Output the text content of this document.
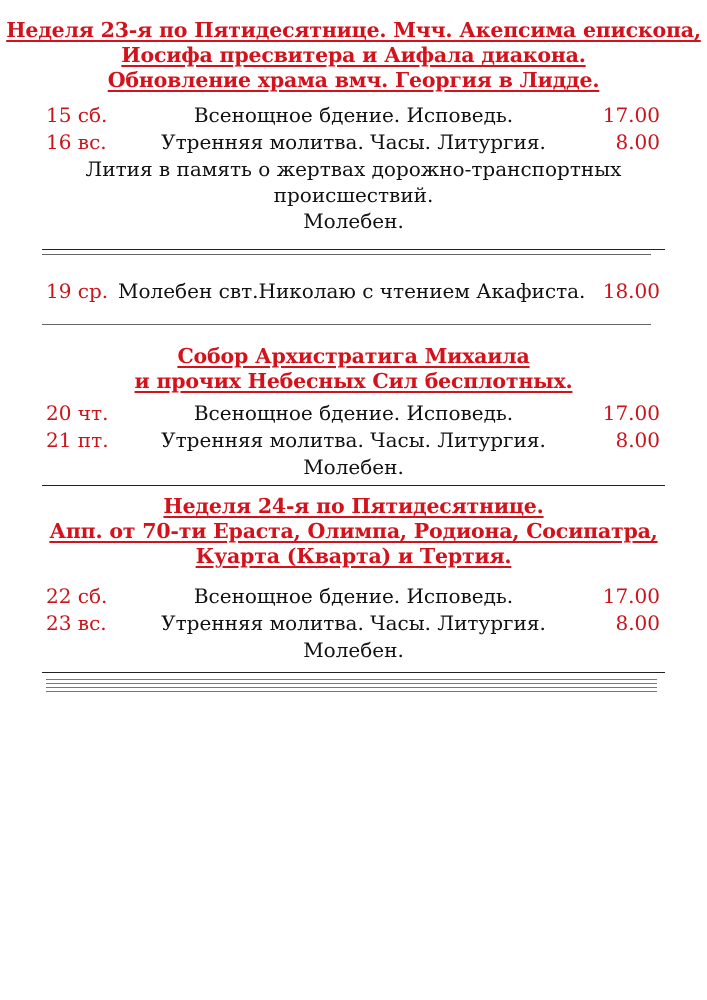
Неделя 23-я по Пятидесятнице. Мчч. Акепсима епископа,
Иосифа пресвитера и Аифала диакона.
Обновление храма вмч. Георгия в Лидде.
15 сб.	Всенощное бдение. Исповедь.	17.00
16 вс.	Утренняя молитва. Часы. Литургия.	8.00
Лития в память о жертвах дорожно-транспортных
происшествий.
Молебен.
19 ср. Молебен свт.Николаю с чтением Акафиста. 18.00
Собор Архистратига Михаила
и прочих Небесных Сил бесплотных.
20 чт.	Всенощное бдение. Исповедь.	17.00
21 пт.	Утренняя молитва. Часы. Литургия.	8.00
Молебен.
Неделя 24-я по Пятидесятнице.
Апп. от 70-ти Ераста, Олимпа, Родиона, Сосипатра,
Куарта (Кварта) и Тертия.
22 сб.	Всенощное бдение. Исповедь.	17.00
23 вс.	Утренняя молитва. Часы. Литургия.	8.00
Молебен.
